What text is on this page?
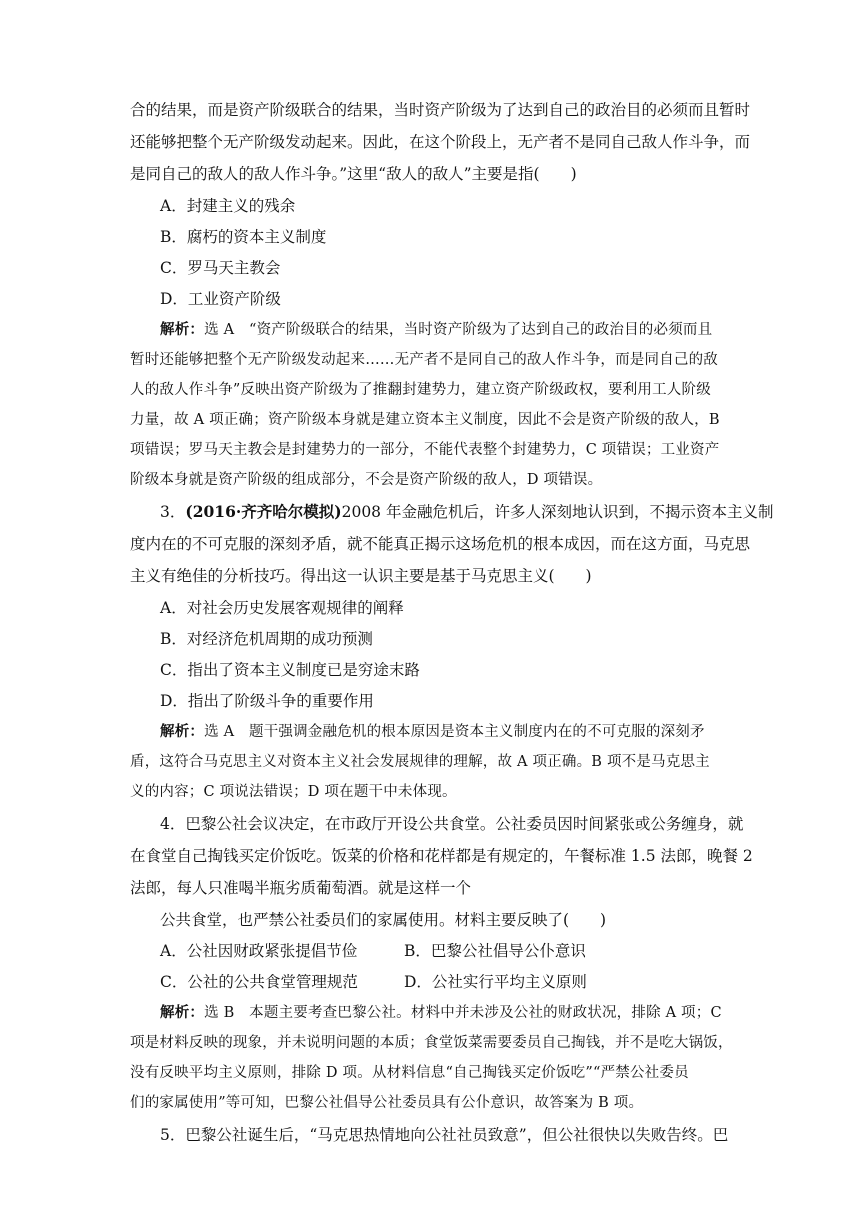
合的结果，而是资产阶级联合的结果，当时资产阶级为了达到自己的政治目的必须而且暂时
还能够把整个无产阶级发动起来。因此，在这个阶段上，无产者不是同自己敌人作斗争，而
是同自己的敌人的敌人作斗争。”这里“敌人的敌人”主要是指(　　)
A．封建主义的残余
B．腐朽的资本主义制度
C．罗马天主教会
D．工业资产阶级
解析：选 A　“资产阶级联合的结果，当时资产阶级为了达到自己的政治目的必须而且
暂时还能够把整个无产阶级发动起来……无产者不是同自己的敌人作斗争，而是同自己的敌
人的敌人作斗争”反映出资产阶级为了推翻封建势力，建立资产阶级政权，要利用工人阶级
力量，故 A 项正确；资产阶级本身就是建立资本主义制度，因此不会是资产阶级的敌人，B
项错误；罗马天主教会是封建势力的一部分，不能代表整个封建势力，C 项错误；工业资产
阶级本身就是资产阶级的组成部分，不会是资产阶级的敌人，D 项错误。
3．(2016·齐齐哈尔模拟)2008 年金融危机后，许多人深刻地认识到，不揭示资本主义制
度内在的不可克服的深刻矛盾，就不能真正揭示这场危机的根本成因，而在这方面，马克思
主义有绝佳的分析技巧。得出这一认识主要是基于马克思主义(　　)
A．对社会历史发展客观规律的阐释
B．对经济危机周期的成功预测
C．指出了资本主义制度已是穷途末路
D．指出了阶级斗争的重要作用
解析：选 A　题干强调金融危机的根本原因是资本主义制度内在的不可克服的深刻矛
盾，这符合马克思主义对资本主义社会发展规律的理解，故 A 项正确。B 项不是马克思主
义的内容；C 项说法错误；D 项在题干中未体现。
4．巴黎公社会议决定，在市政厅开设公共食堂。公社委员因时间紧张或公务缠身，就
在食堂自己掏钱买定价饭吃。饭菜的价格和花样都是有规定的，午餐标准 1.5 法郎，晚餐 2
法郎，每人只准喝半瓶劣质葡萄酒。就是这样一个
公共食堂，也严禁公社委员们的家属使用。材料主要反映了(　　)
A．公社因财政紧张提倡节俭	B．巴黎公社倡导公仆意识
C．公社的公共食堂管理规范	D．公社实行平均主义原则
解析：选 B　本题主要考查巴黎公社。材料中并未涉及公社的财政状况，排除 A 项；C
项是材料反映的现象，并未说明问题的本质；食堂饭菜需要委员自己掏钱，并不是吃大锅饭，
没有反映平均主义原则，排除 D 项。从材料信息“自己掏钱买定价饭吃”“严禁公社委员
们的家属使用”等可知，巴黎公社倡导公社委员具有公仆意识，故答案为 B 项。
5．巴黎公社诞生后，“马克思热情地向公社社员致意”，但公社很快以失败告终。巴
